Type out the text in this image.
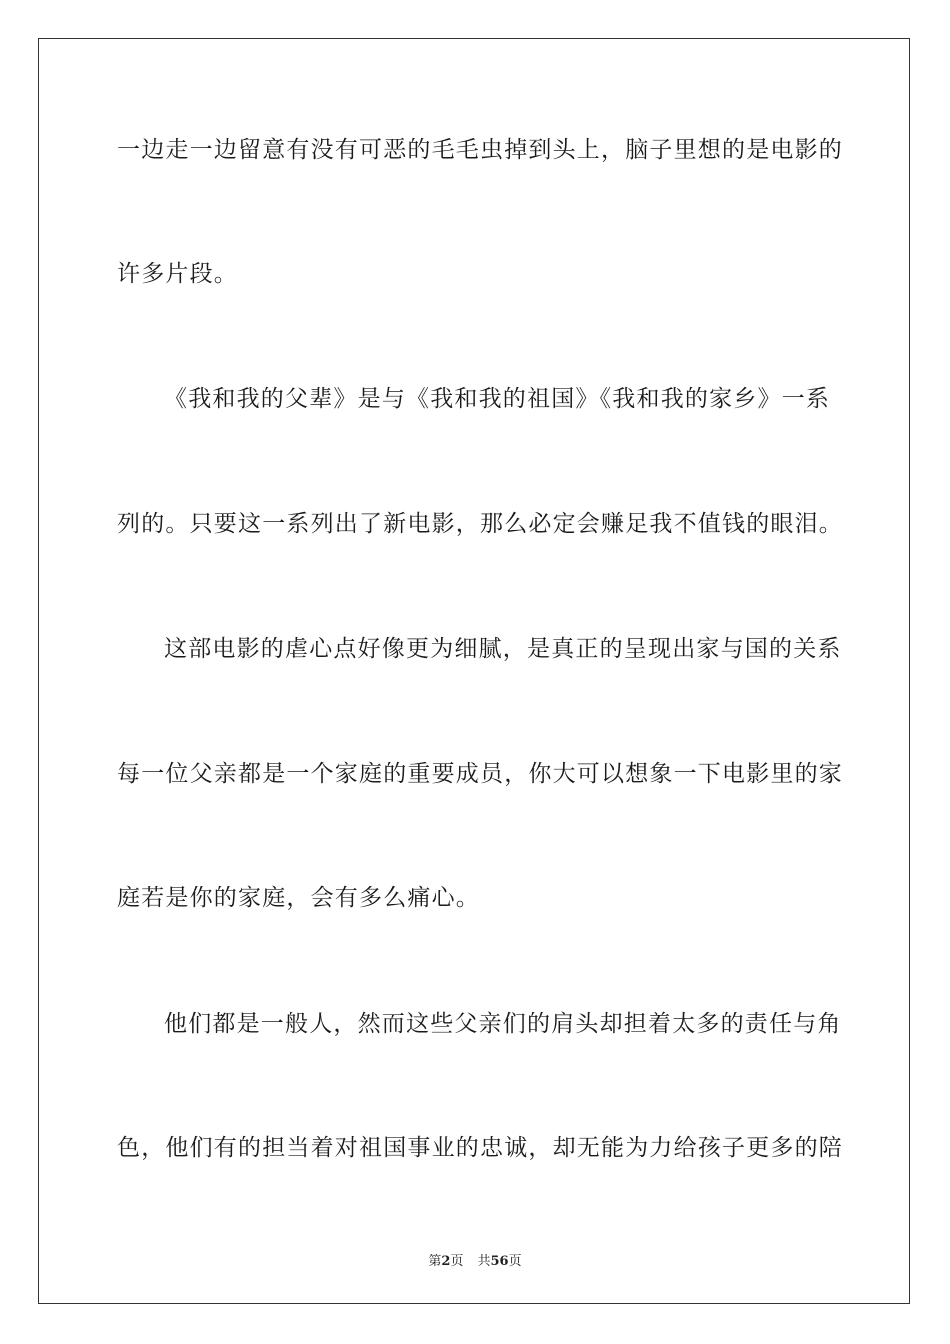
一边走一边留意有没有可恶的毛毛虫掉到头上，脑子里想的是电影的
许多片段。
《我和我的父辈》是与《我和我的祖国》《我和我的家乡》一系
列的。只要这一系列出了新电影，那么必定会赚足我不值钱的眼泪。
这部电影的虐心点好像更为细腻，是真正的呈现出家与国的关系
每一位父亲都是一个家庭的重要成员，你大可以想象一下电影里的家
庭若是你的家庭，会有多么痛心。
他们都是一般人，然而这些父亲们的肩头却担着太多的责任与角
色，他们有的担当着对祖国事业的忠诚，却无能为力给孩子更多的陪
第2页 共56页
